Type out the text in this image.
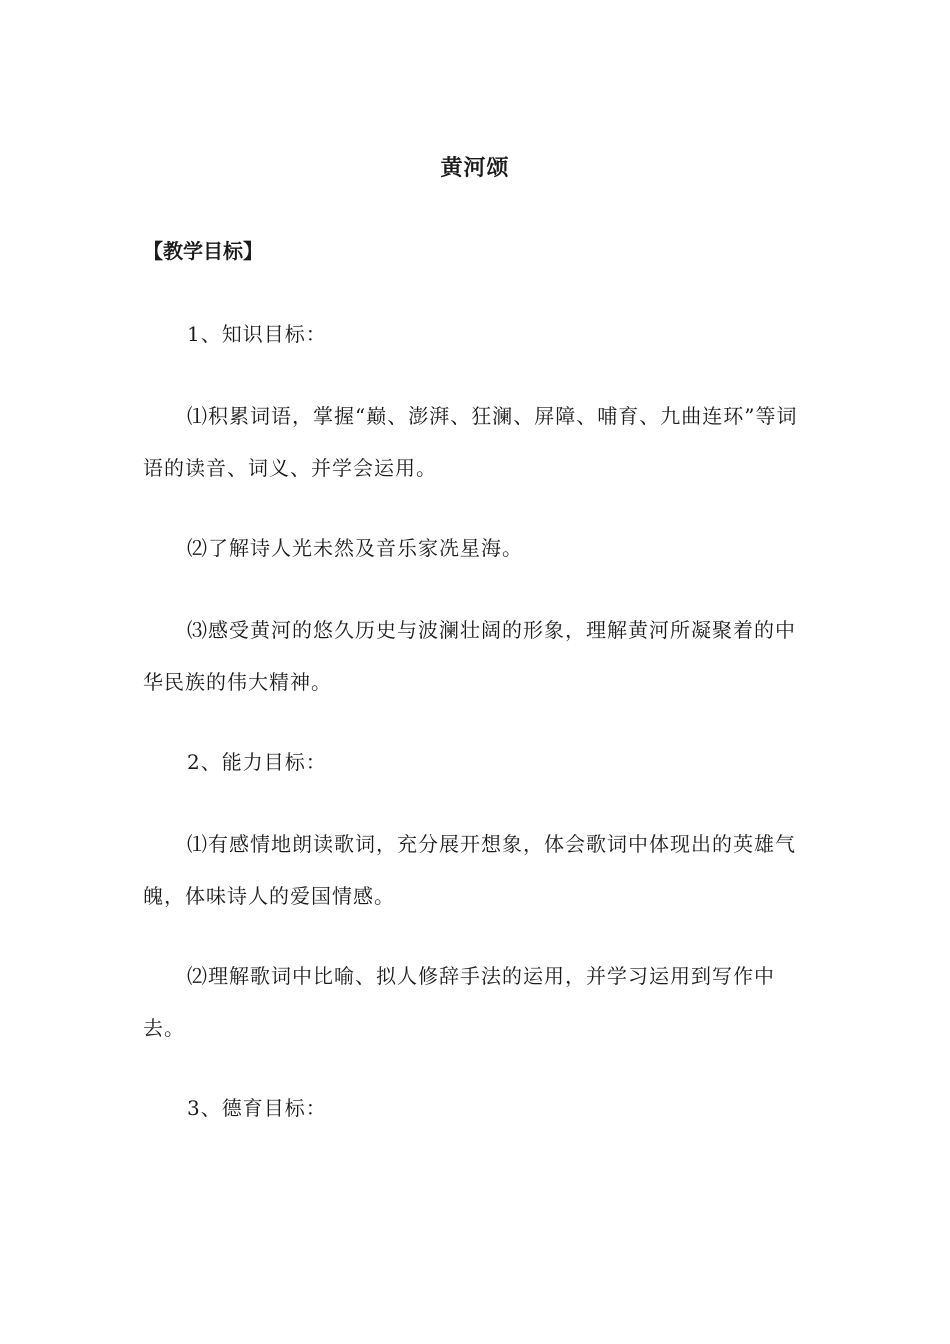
黄河颂
【教学目标】

1、知识目标：

⑴积累词语，掌握“巅、澎湃、狂澜、屏障、哺育、九曲连环”等词语的读音、词义、并学会运用。

⑵了解诗人光未然及音乐家冼星海。

⑶感受黄河的悠久历史与波澜壮阔的形象，理解黄河所凝聚着的中华民族的伟大精神。

2、能力目标：

⑴有感情地朗读歌词，充分展开想象，体会歌词中体现出的英雄气魄，体味诗人的爱国情感。

⑵理解歌词中比喻、拟人修辞手法的运用，并学习运用到写作中去。

3、德育目标：
